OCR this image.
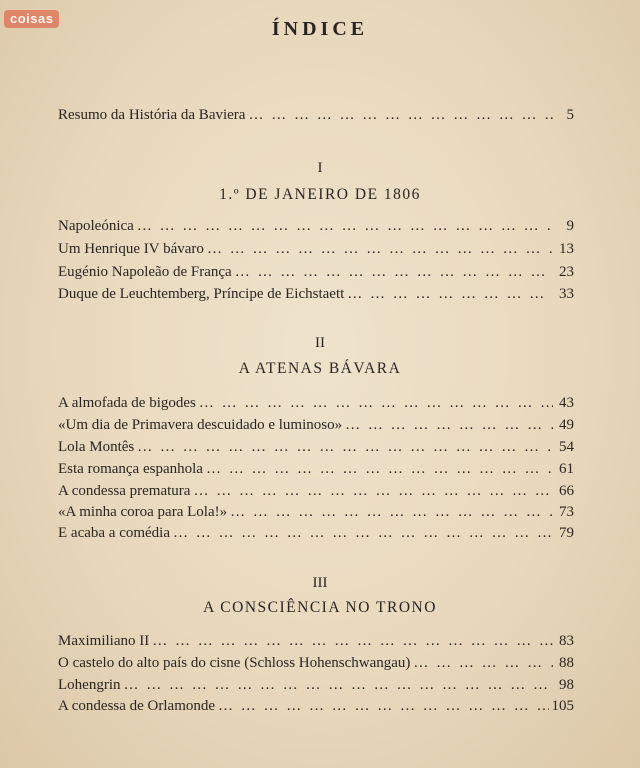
coisas	ÍNDICE
Resumo da História da Baviera … … … … … … … … … … … … … … … … … … … … … … … … … … … … … …	5
I
1.º DE JANEIRO DE 1806
Napoleónica … … … … … … … … … … … … … … … … … … … … … … … … … … … … … …	9
Um Henrique IV bávaro … … … … … … … … … … … … … … … … … … … … … … … … … … … … … …	13
Eugénio Napoleão de França … … … … … … … … … … … … … … … … … … … … … … … … … … … … … …	23
Duque de Leuchtemberg, Príncipe de Eichstaett … … … … … … … … … … … … … … … … … … … … … … … … … … … … … …	33
II
A ATENAS BÁVARA
A almofada de bigodes … … … … … … … … … … … … … … … … … … … … … … … … … … … … … …	43
«Um dia de Primavera descuidado e luminoso» … … … … … … … … … … … … … … … … … … … … … … … … … … … … … …	49
Lola Montês … … … … … … … … … … … … … … … … … … … … … … … … … … … … … …	54
Esta romança espanhola … … … … … … … … … … … … … … … … … … … … … … … … … … … … … …	61
A condessa prematura … … … … … … … … … … … … … … … … … … … … … … … … … … … … … …	66
«A minha coroa para Lola!» … … … … … … … … … … … … … … … … … … … … … … … … … … … … … …	73
E acaba a comédia … … … … … … … … … … … … … … … … … … … … … … … … … … … … … …	79
III
A CONSCIÊNCIA NO TRONO
Maximiliano II … … … … … … … … … … … … … … … … … … … … … … … … … … … … … …	83
O castelo do alto país do cisne (Schloss Hohenschwangau) … … … … … … … … … … … … … … … … … … … … … … … … … … … … … …	88
Lohengrin … … … … … … … … … … … … … … … … … … … … … … … … … … … … … …	98
A condessa de Orlamonde … … … … … … … … … … … … … … … … … … … … … … … … … … … … … …	105
